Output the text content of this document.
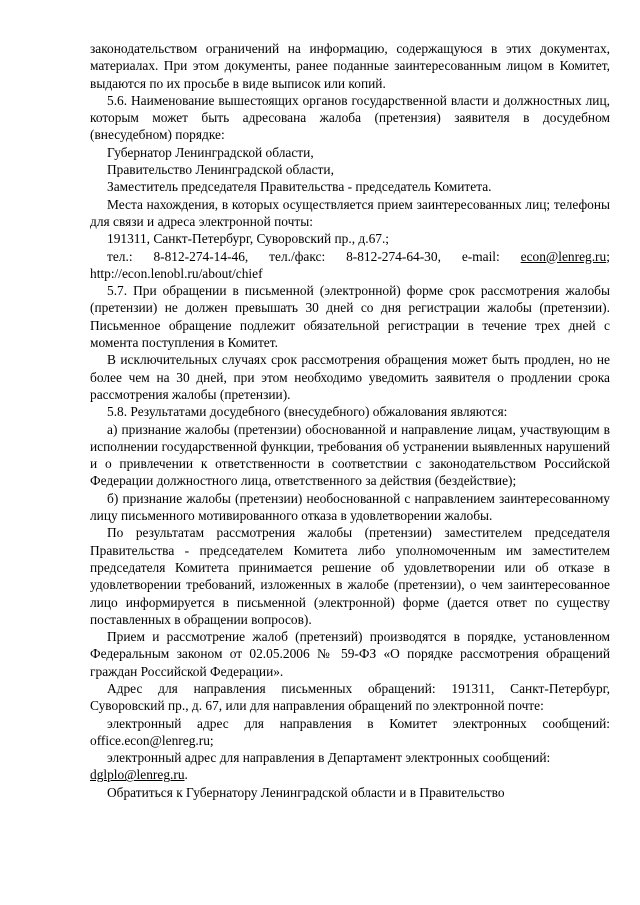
законодательством ограничений на информацию, содержащуюся в этих документах, материалах. При этом документы, ранее поданные заинтересованным лицом в Комитет, выдаются по их просьбе в виде выписок или копий.

5.6. Наименование вышестоящих органов государственной власти и должностных лиц, которым может быть адресована жалоба (претензия) заявителя в досудебном (внесудебном) порядке:

Губернатор Ленинградской области,

Правительство Ленинградской области,

Заместитель председателя Правительства - председатель Комитета.

Места нахождения, в которых осуществляется прием заинтересованных лиц; телефоны для связи и адреса электронной почты:

191311, Санкт-Петербург, Суворовский пр., д.67.;

тел.: 8-812-274-14-46, тел./факс: 8-812-274-64-30, e-mail: econ@lenreg.ru;

http://econ.lenobl.ru/about/chief

5.7. При обращении в письменной (электронной) форме срок рассмотрения жалобы (претензии) не должен превышать 30 дней со дня регистрации жалобы (претензии). Письменное обращение подлежит обязательной регистрации в течение трех дней с момента поступления в Комитет.

В исключительных случаях срок рассмотрения обращения может быть продлен, но не более чем на 30 дней, при этом необходимо уведомить заявителя о продлении срока рассмотрения жалобы (претензии).

5.8. Результатами досудебного (внесудебного) обжалования являются:

а) признание жалобы (претензии) обоснованной и направление лицам, участвующим в исполнении государственной функции, требования об устранении выявленных нарушений и о привлечении к ответственности в соответствии с законодательством Российской Федерации должностного лица, ответственного за действия (бездействие);

б) признание жалобы (претензии) необоснованной с направлением заинтересованному лицу письменного мотивированного отказа в удовлетворении жалобы.

По результатам рассмотрения жалобы (претензии) заместителем председателя Правительства - председателем Комитета либо уполномоченным им заместителем председателя Комитета принимается решение об удовлетворении или об отказе в удовлетворении требований, изложенных в жалобе (претензии), о чем заинтересованное лицо информируется в письменной (электронной) форме (дается ответ по существу поставленных в обращении вопросов).

Прием и рассмотрение жалоб (претензий) производятся в порядке, установленном Федеральным законом от 02.05.2006 № 59-ФЗ «О порядке рассмотрения обращений граждан Российской Федерации».

Адрес для направления письменных обращений: 191311, Санкт-Петербург, Суворовский пр., д. 67, или для направления обращений по электронной почте:

электронный адрес для направления в Комитет электронных сообщений: office.econ@lenreg.ru;

электронный адрес для направления в Департамент электронных сообщений:

dglplo@lenreg.ru.

Обратиться к Губернатору Ленинградской области и в Правительство
